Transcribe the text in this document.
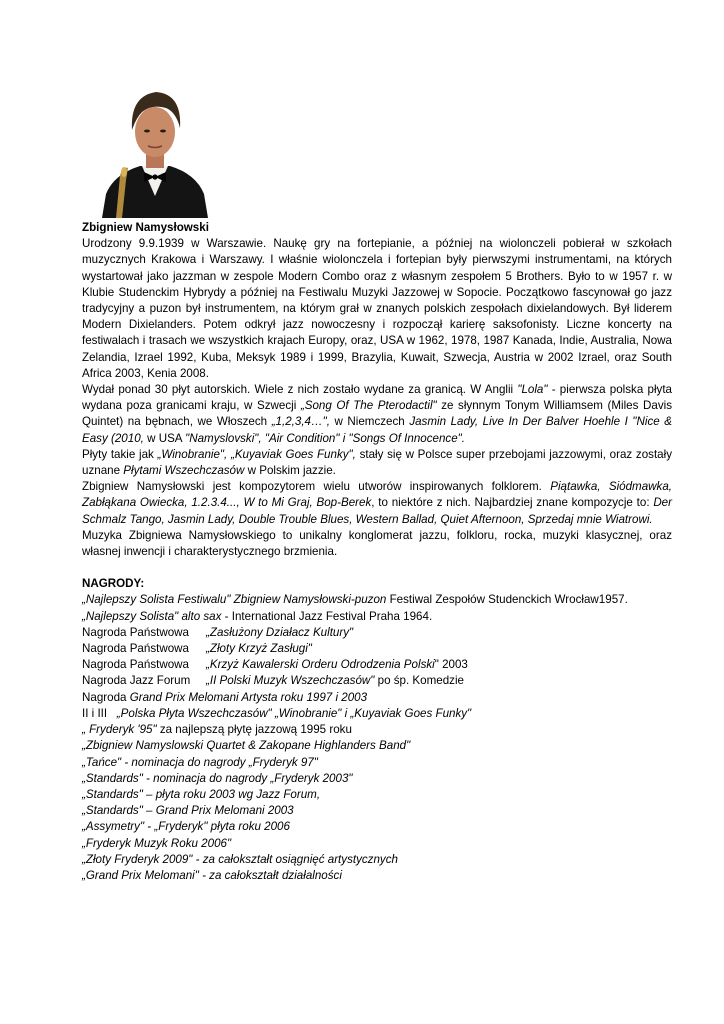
Zbigniew Namysłowski

Urodzony 9.9.1939 w Warszawie. Naukę gry na fortepianie, a później na wiolonczeli pobierał w szkołach muzycznych Krakowa i Warszawy. I właśnie wiolonczela i fortepian były pierwszymi instrumentami, na których wystartował jako jazzman w zespole Modern Combo oraz z własnym zespołem 5 Brothers. Było to w 1957 r. w Klubie Studenckim Hybrydy a później na Festiwalu Muzyki Jazzowej w Sopocie. Początkowo fascynował go jazz tradycyjny a puzon był instrumentem, na którym grał w znanych polskich zespołach dixielandowych. Był liderem Modern Dixielanders. Potem odkrył jazz nowoczesny i rozpoczął karierę saksofonisty. Liczne koncerty na festiwalach i trasach we wszystkich krajach Europy, oraz, USA w 1962, 1978, 1987 Kanada, Indie, Australia, Nowa Zelandia, Izrael 1992, Kuba, Meksyk 1989 i 1999, Brazylia, Kuwait, Szwecja, Austria w 2002 Izrael, oraz South Africa 2003, Kenia 2008.

Wydał ponad 30 płyt autorskich. Wiele z nich zostało wydane za granicą. W Anglii "Lola" - pierwsza polska płyta wydana poza granicami kraju, w Szwecji „Song Of The Pterodactil" ze słynnym Tonym Williamsem (Miles Davis Quintet) na bębnach, we Włoszech „1,2,3,4…", w Niemczech Jasmin Lady, Live In Der Balver Hoehle I "Nice & Easy (2010, w USA "Namyslovski", "Air Condition" i "Songs Of Innocence".

Płyty takie jak „Winobranie", „Kuyaviak Goes Funky", stały się w Polsce super przebojami jazzowymi, oraz zostały uznane Płytami Wszechczasów w Polskim jazzie.

Zbigniew Namysłowski jest kompozytorem wielu utworów inspirowanych folklorem. Piątawka, Siódmawka, Zabłąkana Owiecka, 1.2.3.4..., W to Mi Graj, Bop-Berek, to niektóre z nich. Najbardziej znane kompozycje to: Der Schmalz Tango, Jasmin Lady, Double Trouble Blues, Western Ballad, Quiet Afternoon, Sprzedaj mnie Wiatrowi.

Muzyka Zbigniewa Namysłowskiego to unikalny konglomerat jazzu, folkloru, rocka, muzyki klasycznej, oraz własnej inwencji i charakterystycznego brzmienia.

NAGRODY:
„Najlepszy Solista Festiwalu" Zbigniew Namysłowski-puzon Festiwal Zespołów Studenckich Wrocław1957.
„Najlepszy Solista" alto sax - International Jazz Festival Praha 1964.
Nagroda Państwowa „Zasłużony Działacz Kultury"
Nagroda Państwowa „Złoty Krzyż Zasługi"
Nagroda Państwowa „Krzyż Kawalerski Orderu Odrodzenia Polski" 2003
Nagroda Jazz Forum „II Polski Muzyk Wszechczasów" po śp. Komedzie
Nagroda Grand Prix Melomani Artysta roku 1997 i 2003
II i III   „Polska Płyta Wszechczasów" „Winobranie" i „Kuyaviak Goes Funky"
„ Fryderyk '95" za najlepszą płytę jazzową 1995 roku
„Zbigniew Namyslowski Quartet & Zakopane Highlanders Band"
„Tańce" - nominacja do nagrody „Fryderyk 97"
„Standards" - nominacja do nagrody „Fryderyk 2003"
„Standards" – płyta roku 2003 wg Jazz Forum,
„Standards" – Grand Prix Melomani 2003
„Assymetry" - „Fryderyk" płyta roku 2006
„Fryderyk Muzyk Roku 2006"
„Złoty Fryderyk 2009" - za całokształt osiągnięć artystycznych
„Grand Prix Melomani" - za całokształt działalności
